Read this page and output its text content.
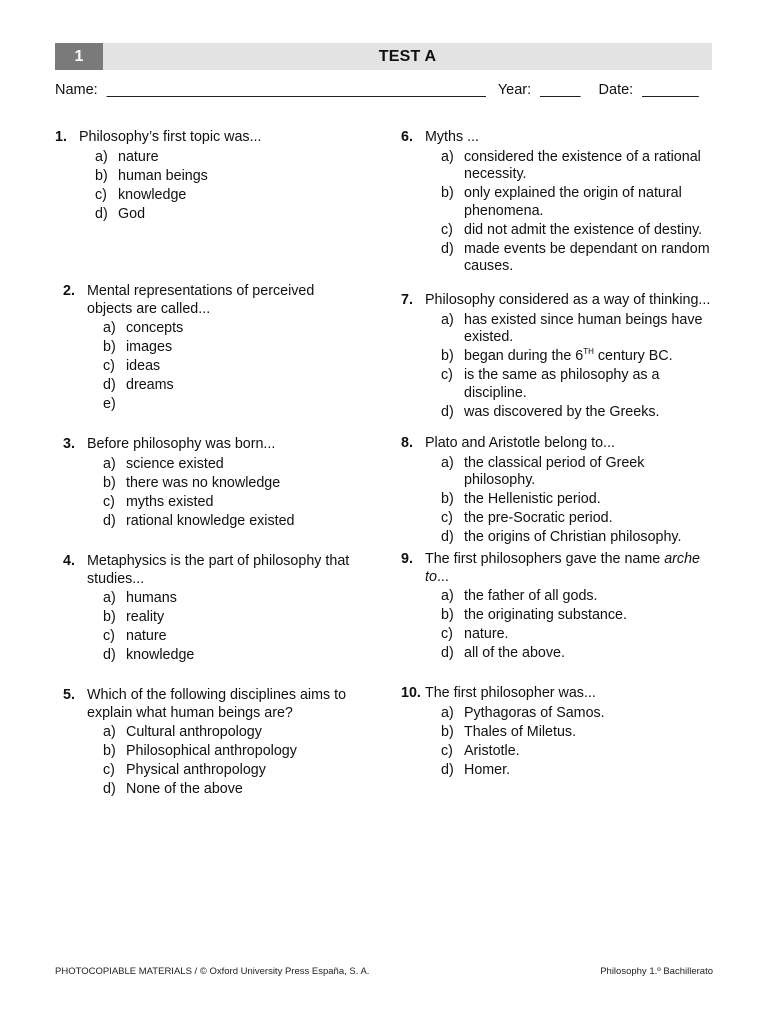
1	TEST A
Name: _______________________________________________ Year: _____ Date: _______
1. Philosophy’s first topic was...
a) nature
b) human beings
c) knowledge
d) God
2. Mental representations of perceived objects are called...
a) concepts
b) images
c) ideas
d) dreams
e)
3. Before philosophy was born...
a) science existed
b) there was no knowledge
c) myths existed
d) rational knowledge existed
4. Metaphysics is the part of philosophy that studies...
a) humans
b) reality
c) nature
d) knowledge
5. Which of the following disciplines aims to explain what human beings are?
a) Cultural anthropology
b) Philosophical anthropology
c) Physical anthropology
d) None of the above
6. Myths ...
a) considered the existence of a rational necessity.
b) only explained the origin of natural phenomena.
c) did not admit the existence of destiny.
d) made events be dependant on random causes.
7. Philosophy considered as a way of thinking...
a) has existed since human beings have existed.
b) began during the 6TH century BC.
c) is the same as philosophy as a discipline.
d) was discovered by the Greeks.
8. Plato and Aristotle belong to...
a) the classical period of Greek philosophy.
b) the Hellenistic period.
c) the pre-Socratic period.
d) the origins of Christian philosophy.
9. The first philosophers gave the name arche to...
a) the father of all gods.
b) the originating substance.
c) nature.
d) all of the above.
10. The first philosopher was...
a) Pythagoras of Samos.
b) Thales of Miletus.
c) Aristotle.
d) Homer.
PHOTOCOPIABLE MATERIALS / © Oxford University Press España, S. A.	Philosophy 1.º Bachillerato
